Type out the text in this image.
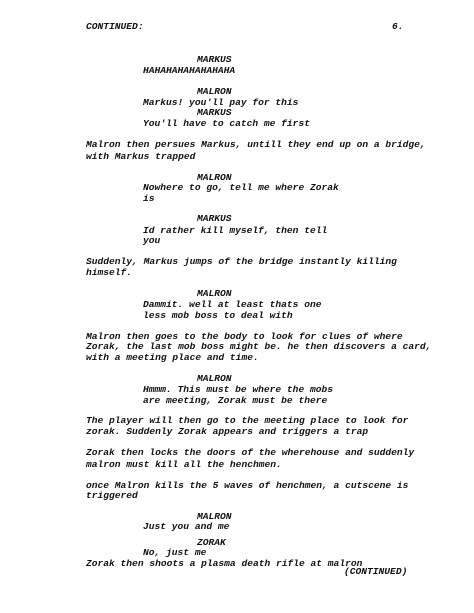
CONTINUED:	6.
MARKUS
HAHAHAHAHAHAHAHA
MALRON
Markus! you'll pay for this
MARKUS
You'll have to catch me first
Malron then persues Markus, untill they end up on a bridge,
with Markus trapped
MALRON
Nowhere to go, tell me where Zorak
is
MARKUS
Id rather kill myself, then tell
you
Suddenly, Markus jumps of the bridge instantly killing
himself.
MALRON
Dammit. well at least thats one
less mob boss to deal with
Malron then goes to the body to look for clues of where
Zorak, the last mob boss might be. he then discovers a card,
with a meeting place and time.
MALRON
Hmmm. This must be where the mobs
are meeting, Zorak must be there
The player will then go to the meeting place to look for
zorak. Suddenly Zorak appears and triggers a trap
Zorak then locks the doors of the wherehouse and suddenly
malron must kill all the henchmen.
once Malron kills the 5 waves of henchmen, a cutscene is
triggered
MALRON
Just you and me
ZORAK
No, just me
Zorak then shoots a plasma death rifle at malron
(CONTINUED)
